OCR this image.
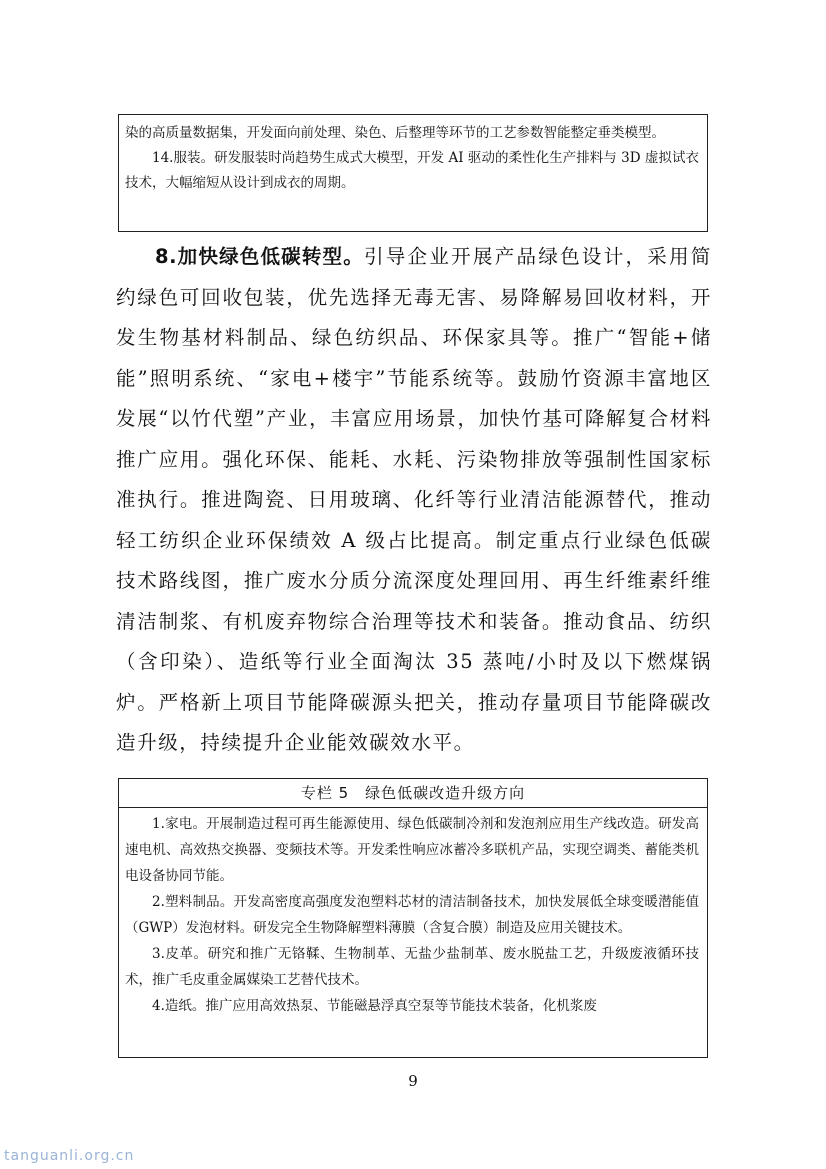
染的高质量数据集，开发面向前处理、染色、后整理等环节的工艺参数智能整定垂类模型。

14.服装。研发服装时尚趋势生成式大模型，开发 AI 驱动的柔性化生产排料与 3D 虚拟试衣技术，大幅缩短从设计到成衣的周期。

8.加快绿色低碳转型。引导企业开展产品绿色设计，采用简约绿色可回收包装，优先选择无毒无害、易降解易回收材料，开发生物基材料制品、绿色纺织品、环保家具等。推广“智能+储能”照明系统、“家电+楼宇”节能系统等。鼓励竹资源丰富地区发展“以竹代塑”产业，丰富应用场景，加快竹基可降解复合材料推广应用。强化环保、能耗、水耗、污染物排放等强制性国家标准执行。推进陶瓷、日用玻璃、化纤等行业清洁能源替代，推动轻工纺织企业环保绩效 A 级占比提高。制定重点行业绿色低碳技术路线图，推广废水分质分流深度处理回用、再生纤维素纤维清洁制浆、有机废弃物综合治理等技术和装备。推动食品、纺织（含印染）、造纸等行业全面淘汰 35 蒸吨/小时及以下燃煤锅炉。严格新上项目节能降碳源头把关，推动存量项目节能降碳改造升级，持续提升企业能效碳效水平。

专栏 5　绿色低碳改造升级方向

1.家电。开展制造过程可再生能源使用、绿色低碳制冷剂和发泡剂应用生产线改造。研发高速电机、高效热交换器、变频技术等。开发柔性响应冰蓄冷多联机产品，实现空调类、蓄能类机电设备协同节能。

2.塑料制品。开发高密度高强度发泡塑料芯材的清洁制备技术，加快发展低全球变暖潜能值（GWP）发泡材料。研发完全生物降解塑料薄膜（含复合膜）制造及应用关键技术。

3.皮革。研究和推广无铬鞣、生物制革、无盐少盐制革、废水脱盐工艺，升级废液循环技术，推广毛皮重金属媒染工艺替代技术。

4.造纸。推广应用高效热泵、节能磁悬浮真空泵等节能技术装备，化机浆废

9
tanguanli.org.cn
